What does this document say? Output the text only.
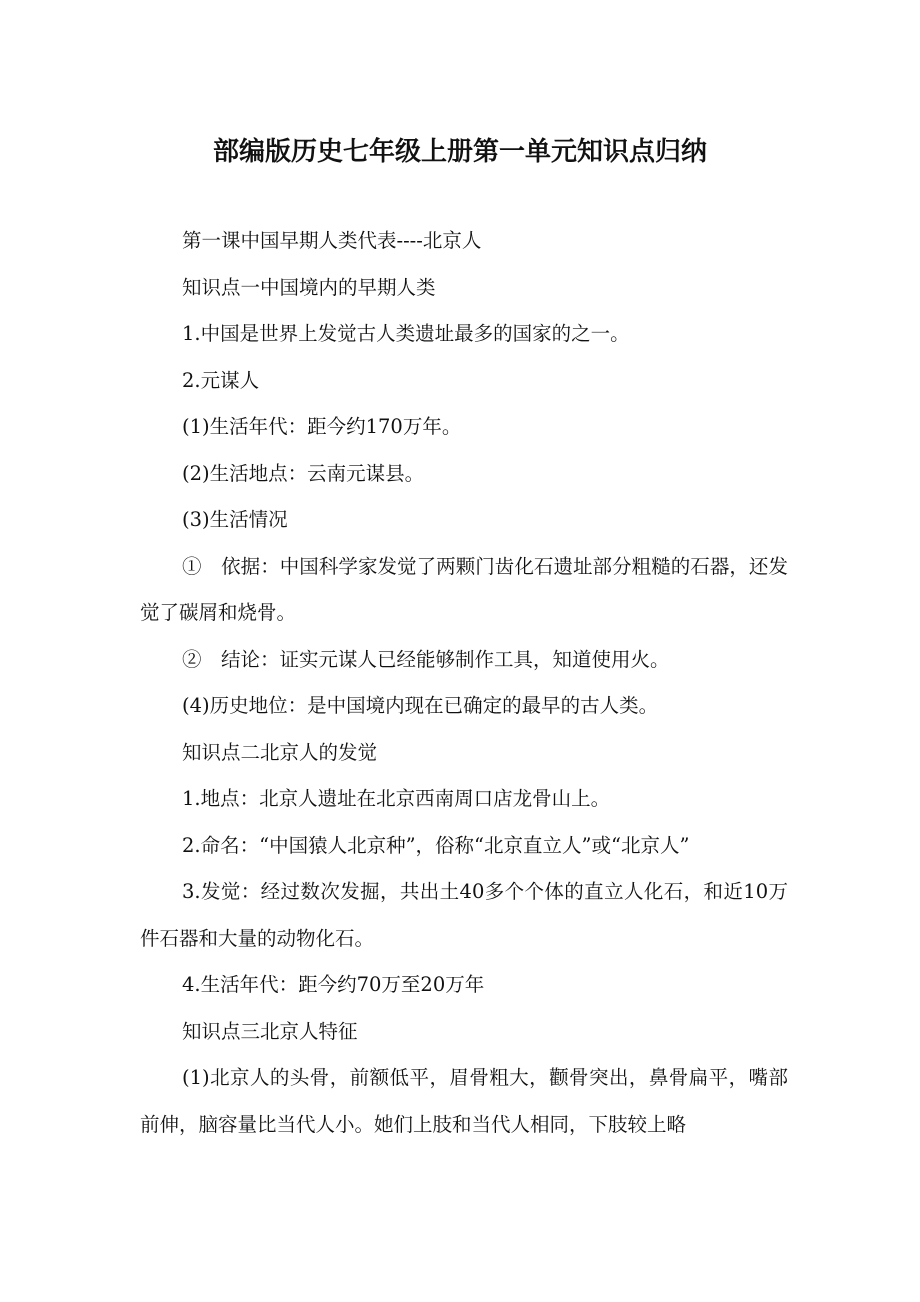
部编版历史七年级上册第一单元知识点归纳

第一课中国早期人类代表----北京人

知识点一中国境内的早期人类

1.中国是世界上发觉古人类遗址最多的国家的之一。

2.元谋人

(1)生活年代：距今约170万年。

(2)生活地点：云南元谋县。

(3)生活情况

①　依据：中国科学家发觉了两颗门齿化石遗址部分粗糙的石器，还发觉了碳屑和烧骨。

②　结论：证实元谋人已经能够制作工具，知道使用火。

(4)历史地位：是中国境内现在已确定的最早的古人类。

知识点二北京人的发觉

1.地点：北京人遗址在北京西南周口店龙骨山上。

2.命名：“中国猿人北京种”，俗称“北京直立人”或“北京人”

3.发觉：经过数次发掘，共出土40多个个体的直立人化石，和近10万件石器和大量的动物化石。

4.生活年代：距今约70万至20万年

知识点三北京人特征

(1)北京人的头骨，前额低平，眉骨粗大，颧骨突出，鼻骨扁平，嘴部前伸，脑容量比当代人小。她们上肢和当代人相同，下肢较上略
